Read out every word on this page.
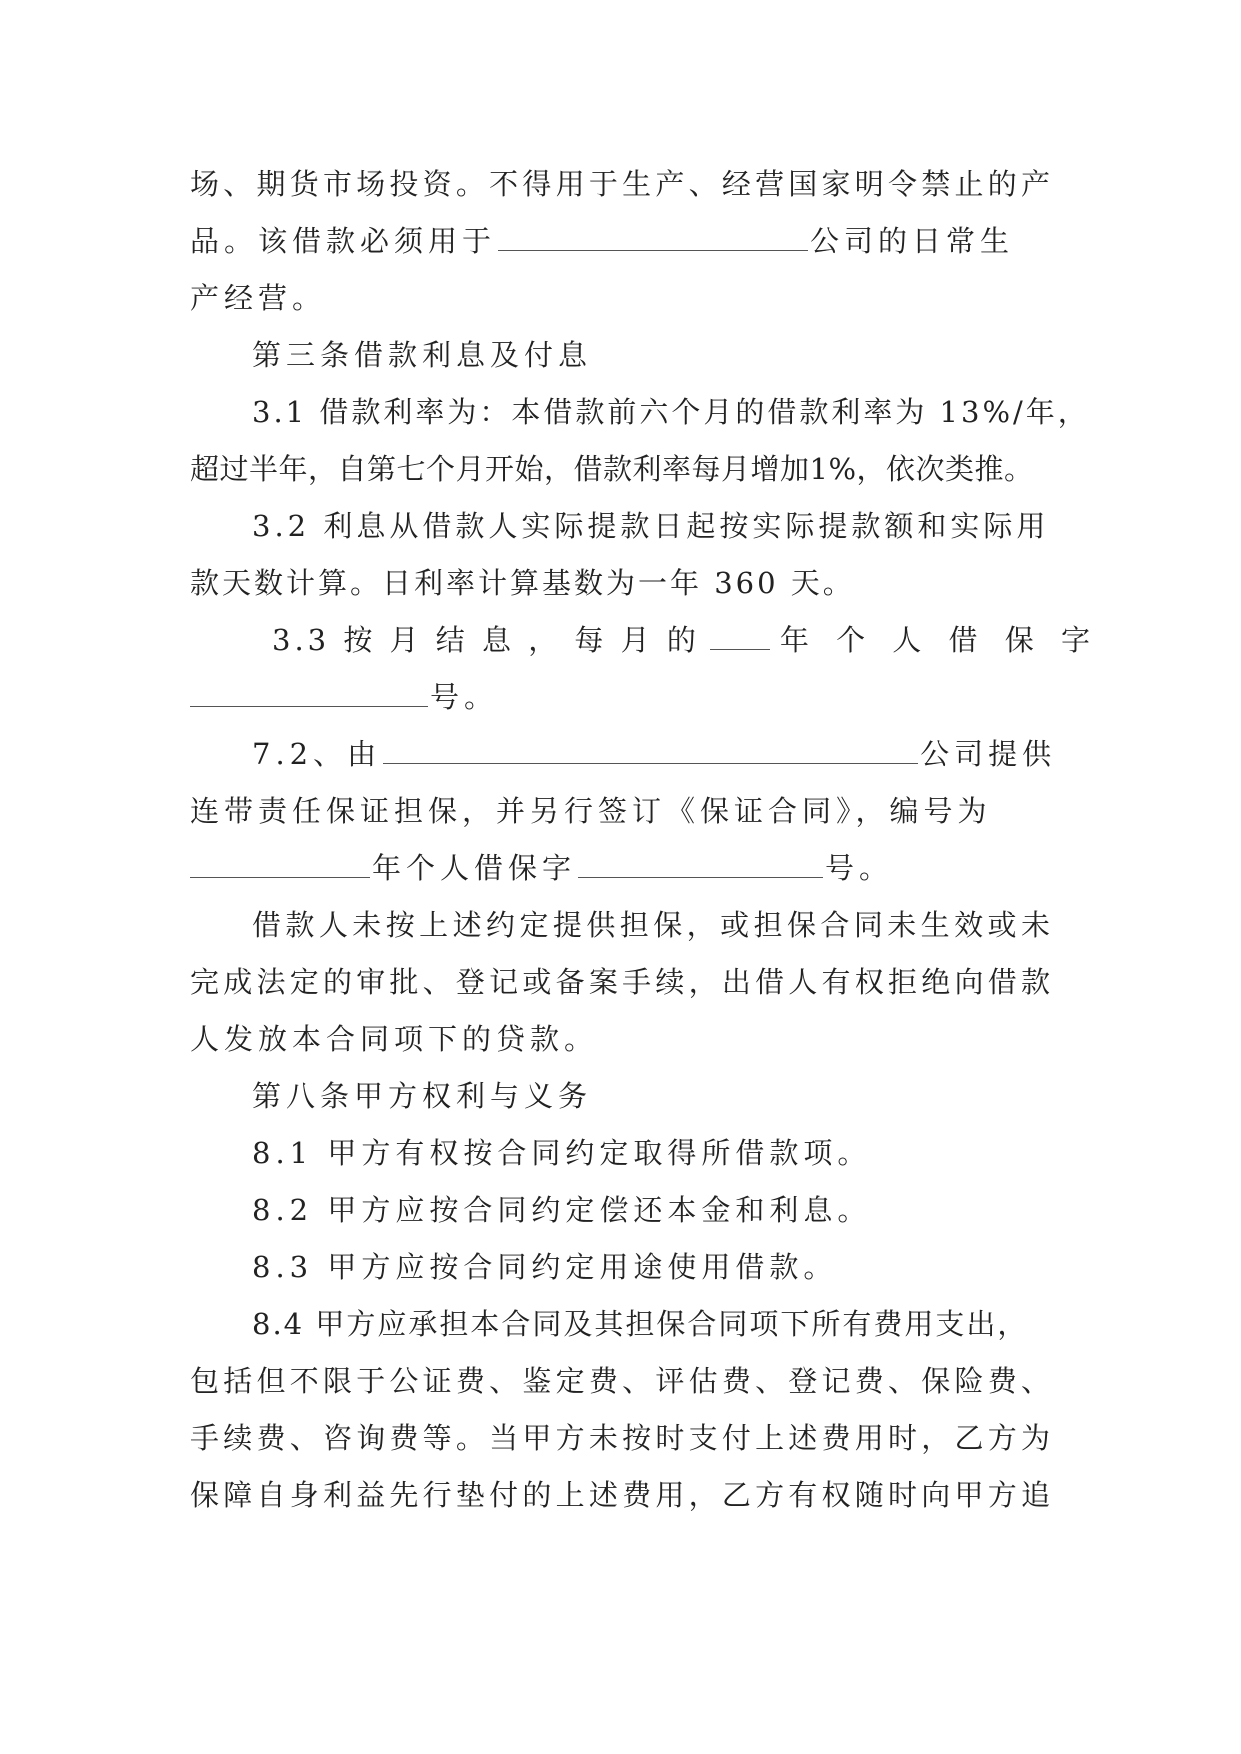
场、期货市场投资。不得用于生产、经营国家明令禁止的产
品。该借款必须用于	公司的日常生
产经营。
第三条借款利息及付息
3.1 借款利率为：本借款前六个月的借款利率为 13%/年，
超过半年，自第七个月开始，借款利率每月增加1%，依次类推。
3.2 利息从借款人实际提款日起按实际提款额和实际用
款天数计算。日利率计算基数为一年 360 天。
3.3 按 月 结 息 ， 每 月 的	年 个 人 借 保 字
号。
7.2、由	公司提供
连带责任保证担保，并另行签订《保证合同》，编号为
年个人借保字	号。
借款人未按上述约定提供担保，或担保合同未生效或未
完成法定的审批、登记或备案手续，出借人有权拒绝向借款
人发放本合同项下的贷款。
第八条甲方权利与义务
8.1 甲方有权按合同约定取得所借款项。
8.2 甲方应按合同约定偿还本金和利息。
8.3 甲方应按合同约定用途使用借款。
8.4 甲方应承担本合同及其担保合同项下所有费用支出，
包括但不限于公证费、鉴定费、评估费、登记费、保险费、
手续费、咨询费等。当甲方未按时支付上述费用时，乙方为
保障自身利益先行垫付的上述费用，乙方有权随时向甲方追
